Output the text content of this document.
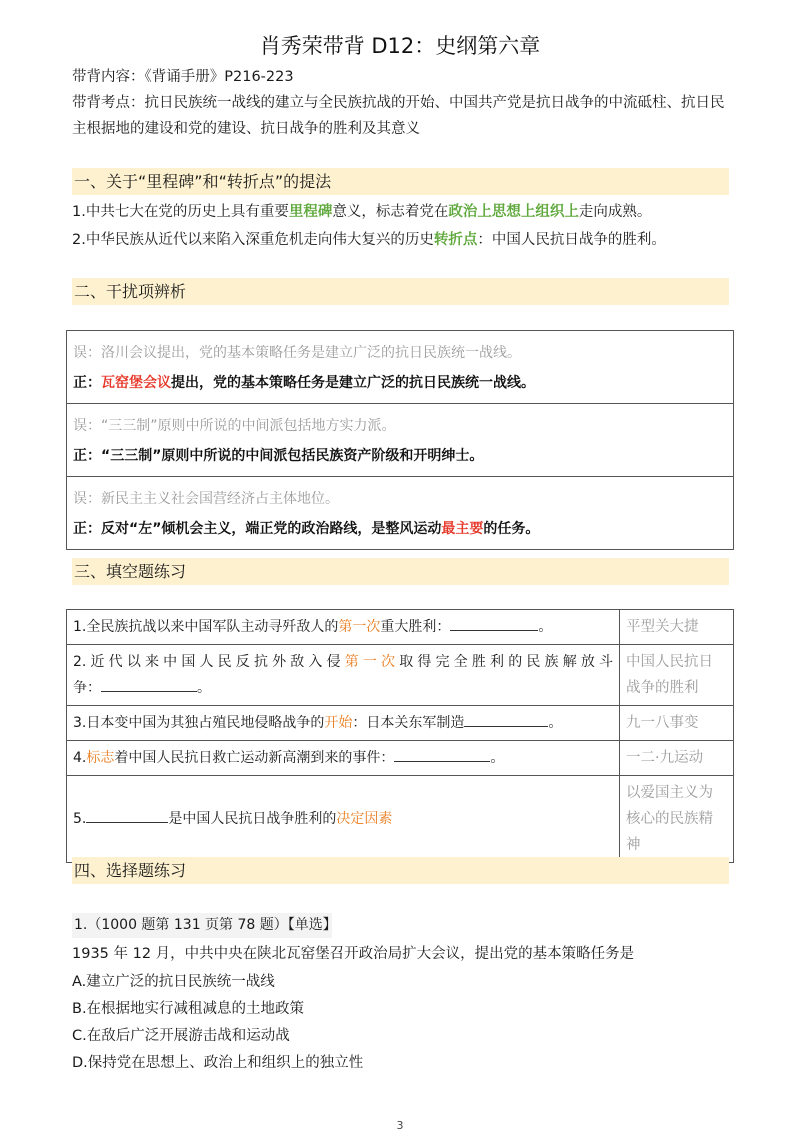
肖秀荣带背 D12：史纲第六章
带背内容：《背诵手册》P216-223
带背考点：抗日民族统一战线的建立与全民族抗战的开始、中国共产党是抗日战争的中流砥柱、抗日民主根据地的建设和党的建设、抗日战争的胜利及其意义
一、关于“里程碑”和“转折点”的提法
1.中共七大在党的历史上具有重要里程碑意义，标志着党在政治上思想上组织上走向成熟。
2.中华民族从近代以来陷入深重危机走向伟大复兴的历史转折点：中国人民抗日战争的胜利。
二、干扰项辨析
误：洛川会议提出，党的基本策略任务是建立广泛的抗日民族统一战线。
正：瓦窑堡会议提出，党的基本策略任务是建立广泛的抗日民族统一战线。
误：“三三制”原则中所说的中间派包括地方实力派。
正：“三三制”原则中所说的中间派包括民族资产阶级和开明绅士。
误：新民主主义社会国营经济占主体地位。
正：反对“左”倾机会主义，端正党的政治路线，是整风运动最主要的任务。
三、填空题练习
1.全民族抗战以来中国军队主动寻歼敌人的第一次重大胜利： 。	平型关大捷

2.近代以来中国人民反抗外敌入侵第一次取得完全胜利的民族解放斗
争： 。	中国人民抗日战争的胜利
3.日本变中国为其独占殖民地侵略战争的开始：日本关东军制造 。	九一八事变
4.标志着中国人民抗日救亡运动新高潮到来的事件： 。	一二·九运动
5. 是中国人民抗日战争胜利的决定因素	以爱国主义为核心的民族精神
四、选择题练习
1.（1000 题第 131 页第 78 题）【单选】
1935 年 12 月，中共中央在陕北瓦窑堡召开政治局扩大会议，提出党的基本策略任务是
A.建立广泛的抗日民族统一战线
B.在根据地实行减租减息的土地政策
C.在敌后广泛开展游击战和运动战
D.保持党在思想上、政治上和组织上的独立性
3
